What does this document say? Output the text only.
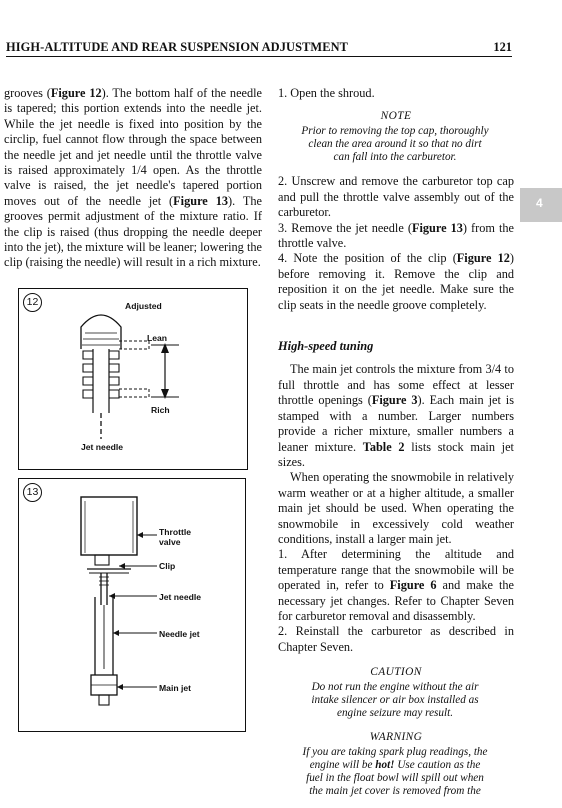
HIGH-ALTITUDE AND REAR SUSPENSION ADJUSTMENT	121
4

grooves (Figure 12). The bottom half of the needle is tapered; this portion extends into the needle jet. While the jet needle is fixed into position by the circlip, fuel cannot flow through the space between the needle jet and jet needle until the throttle valve is raised approximately 1/4 open. As the throttle valve is raised, the jet needle's tapered portion moves out of the needle jet (Figure 13). The grooves permit adjustment of the mixture ratio. If the clip is raised (thus dropping the needle deeper into the jet), the mixture will be leaner; lowering the clip (raising the needle) will result in a rich mixture.

12	Adjusted
Lean
Rich
Jet needle
13
Throttle
valve
Clip
Jet needle
Needle jet
Main jet

1. Open the shroud.

NOTE

Prior to removing the top cap, thoroughly clean the area around it so that no dirt can fall into the carburetor.

2. Unscrew and remove the carburetor top cap and pull the throttle valve assembly out of the carburetor.

3. Remove the jet needle (Figure 13) from the throttle valve.

4. Note the position of the clip (Figure 12) before removing it. Remove the clip and reposition it on the jet needle. Make sure the clip seats in the needle groove completely.

High-speed tuning

The main jet controls the mixture from 3/4 to full throttle and has some effect at lesser throttle openings (Figure 3). Each main jet is stamped with a number. Larger numbers provide a richer mixture, smaller numbers a leaner mixture. Table 2 lists stock main jet sizes.

When operating the snowmobile in relatively warm weather or at a higher altitude, a smaller main jet should be used. When operating the snowmobile in excessively cold weather conditions, install a larger main jet.

1. After determining the altitude and temperature range that the snowmobile will be operated in, refer to Figure 6 and make the necessary jet changes. Refer to Chapter Seven for carburetor removal and disassembly.

2. Reinstall the carburetor as described in Chapter Seven.

CAUTION

Do not run the engine without the air intake silencer or air box installed as engine seizure may result.

WARNING

If you are taking spark plug readings, the engine will be hot! Use caution as the fuel in the float bowl will spill out when the main jet cover is removed from the
